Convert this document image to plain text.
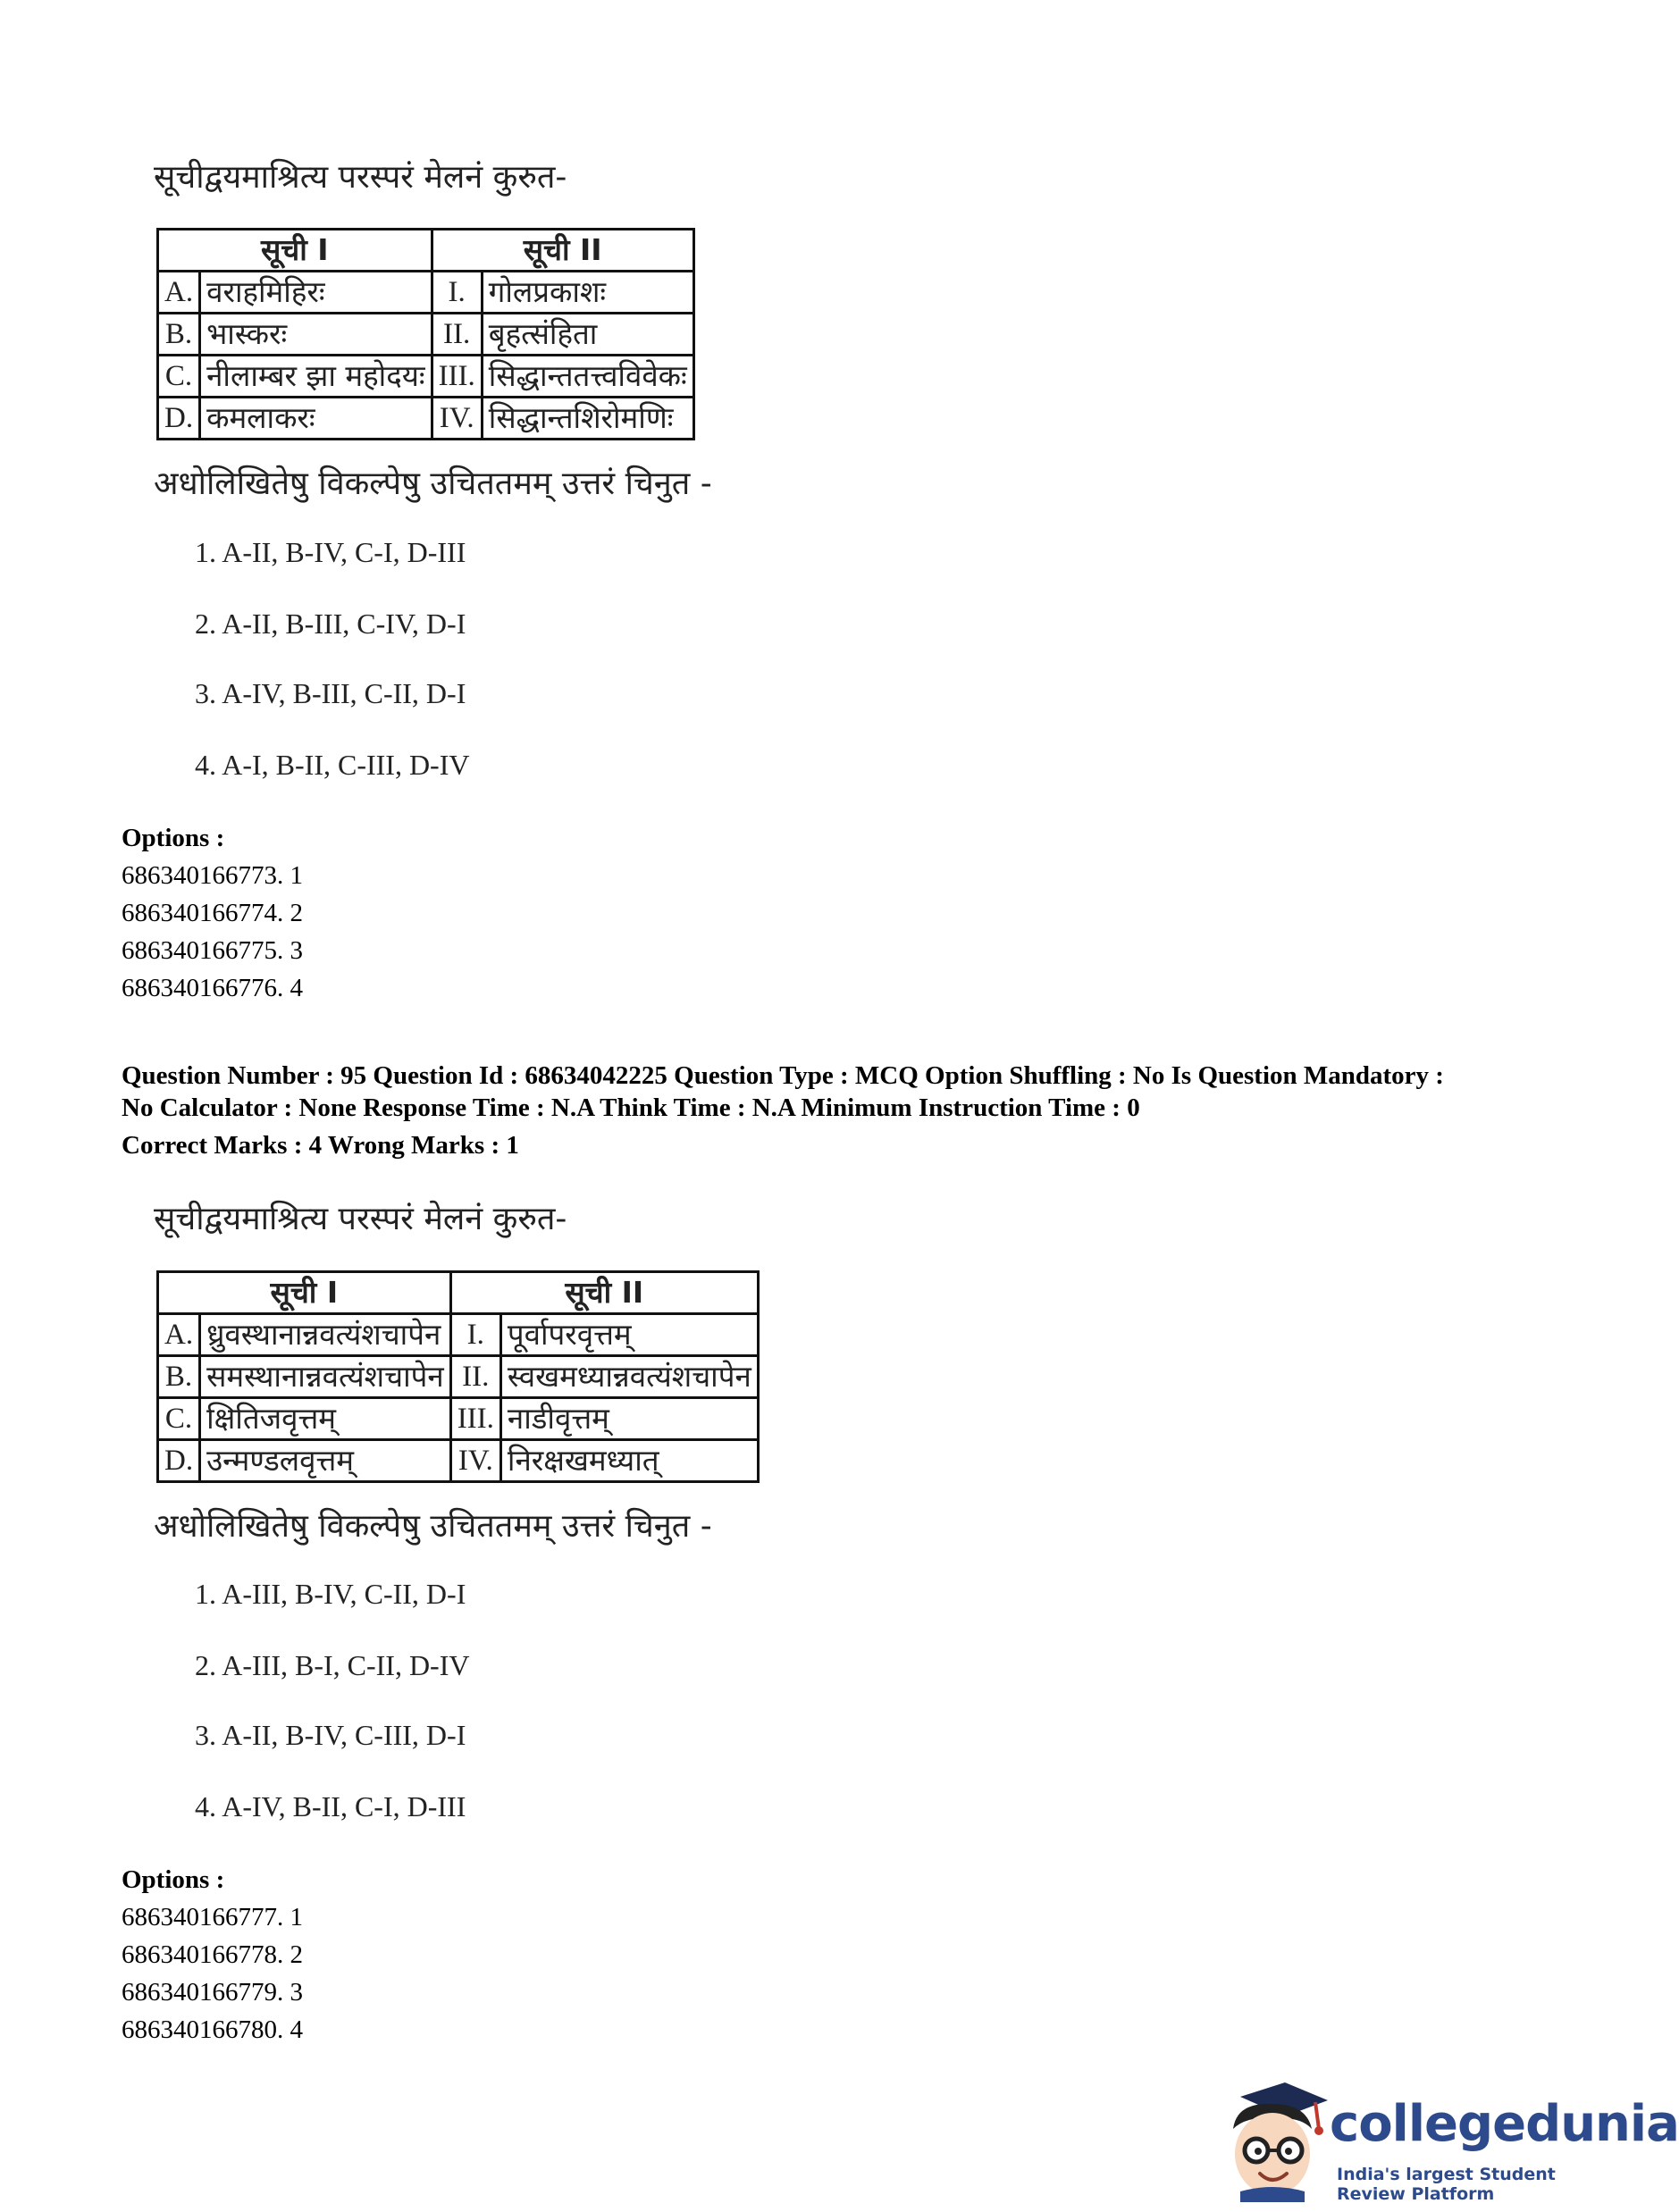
सूचीद्वयमाश्रित्य परस्परं मेलनं कुरुत-
सूची I		सूची II	
A.	वराहमिहिरः	I.	गोलप्रकाशः
B.	भास्करः	II.	बृहत्संहिता
C.	नीलाम्बर झा महोदयः	III.	सिद्धान्ततत्त्वविवेकः
D.	कमलाकरः	IV.	सिद्धान्तशिरोमणिः
अधोलिखितेषु विकल्पेषु उचिततमम् उत्तरं चिनुत -
1. A-II, B-IV, C-I, D-III
2. A-II, B-III, C-IV, D-I
3. A-IV, B-III, C-II, D-I
4. A-I, B-II, C-III, D-IV
Options :
686340166773. 1
686340166774. 2
686340166775. 3
686340166776. 4
Question Number : 95 Question Id : 68634042225 Question Type : MCQ Option Shuffling : No Is Question Mandatory :
No Calculator : None Response Time : N.A Think Time : N.A Minimum Instruction Time : 0
Correct Marks : 4 Wrong Marks : 1
सूचीद्वयमाश्रित्य परस्परं मेलनं कुरुत-
सूची I		सूची II	
A.	ध्रुवस्थानान्नवत्यंशचापेन	I.	पूर्वापरवृत्तम्
B.	समस्थानान्नवत्यंशचापेन	II.	स्वखमध्यान्नवत्यंशचापेन
C.	क्षितिजवृत्तम्	III.	नाडीवृत्तम्
D.	उन्मण्डलवृत्तम्	IV.	निरक्षखमध्यात्
अधोलिखितेषु विकल्पेषु उचिततमम् उत्तरं चिनुत -
1. A-III, B-IV, C-II, D-I
2. A-III, B-I, C-II, D-IV
3. A-II, B-IV, C-III, D-I
4. A-IV, B-II, C-I, D-III
Options :
686340166777. 1
686340166778. 2
686340166779. 3
686340166780. 4
collegedunia
India's largest Student Review Platform
